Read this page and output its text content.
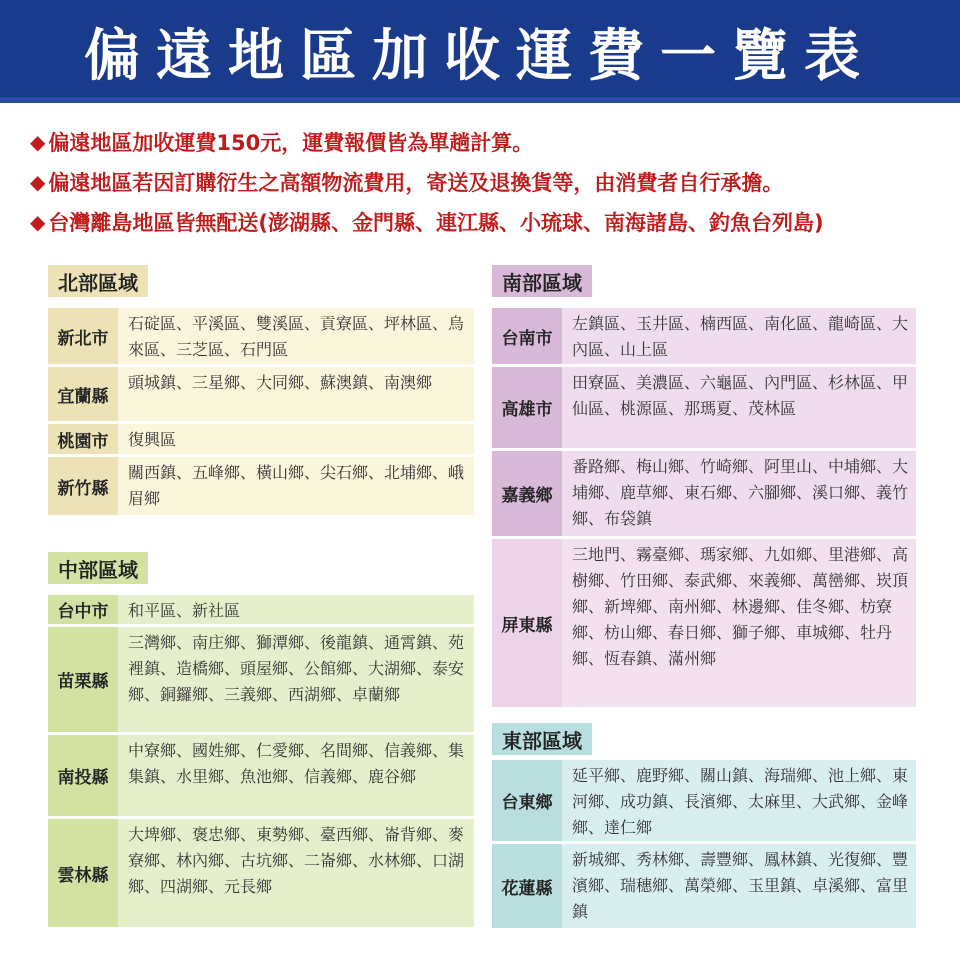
偏遠地區加收運費一覽表
◆ 偏遠地區加收運費150元，運費報價皆為單趟計算。
◆ 偏遠地區若因訂購衍生之高額物流費用，寄送及退換貨等，由消費者自行承擔。
◆ 台灣離島地區皆無配送(澎湖縣、金門縣、連江縣、小琉球、南海諸島、釣魚台列島)
北部區域
新北市
石碇區、平溪區、雙溪區、貢寮區、坪林區、烏來區、三芝區、石門區
宜蘭縣
頭城鎮、三星鄉、大同鄉、蘇澳鎮、南澳鄉
桃園市	復興區
新竹縣
關西鎮、五峰鄉、橫山鄉、尖石鄉、北埔鄉、峨眉鄉
中部區域
台中市	和平區、新社區
苗栗縣
三灣鄉、南庄鄉、獅潭鄉、後龍鎮、通霄鎮、苑裡鎮、造橋鄉、頭屋鄉、公館鄉、大湖鄉、泰安鄉、銅鑼鄉、三義鄉、西湖鄉、卓蘭鄉
南投縣
中寮鄉、國姓鄉、仁愛鄉、名間鄉、信義鄉、集集鎮、水里鄉、魚池鄉、信義鄉、鹿谷鄉
雲林縣
大埤鄉、褒忠鄉、東勢鄉、臺西鄉、崙背鄉、麥寮鄉、林內鄉、古坑鄉、二崙鄉、水林鄉、口湖鄉、四湖鄉、元長鄉
南部區域
台南市
左鎮區、玉井區、楠西區、南化區、龍崎區、大內區、山上區
高雄市
田寮區、美濃區、六龜區、內門區、杉林區、甲仙區、桃源區、那瑪夏、茂林區
嘉義鄉
番路鄉、梅山鄉、竹崎鄉、阿里山、中埔鄉、大埔鄉、鹿草鄉、東石鄉、六腳鄉、溪口鄉、義竹鄉、布袋鎮
屏東縣
三地門、霧臺鄉、瑪家鄉、九如鄉、里港鄉、高樹鄉、竹田鄉、泰武鄉、來義鄉、萬巒鄉、崁頂鄉、新埤鄉、南州鄉、林邊鄉、佳冬鄉、枋寮鄉、枋山鄉、春日鄉、獅子鄉、車城鄉、牡丹鄉、恆春鎮、滿州鄉
東部區域
台東鄉
延平鄉、鹿野鄉、關山鎮、海瑞鄉、池上鄉、東河鄉、成功鎮、長濱鄉、太麻里、大武鄉、金峰鄉、達仁鄉
花蓮縣
新城鄉、秀林鄉、壽豐鄉、鳳林鎮、光復鄉、豐濱鄉、瑞穗鄉、萬榮鄉、玉里鎮、卓溪鄉、富里鎮
